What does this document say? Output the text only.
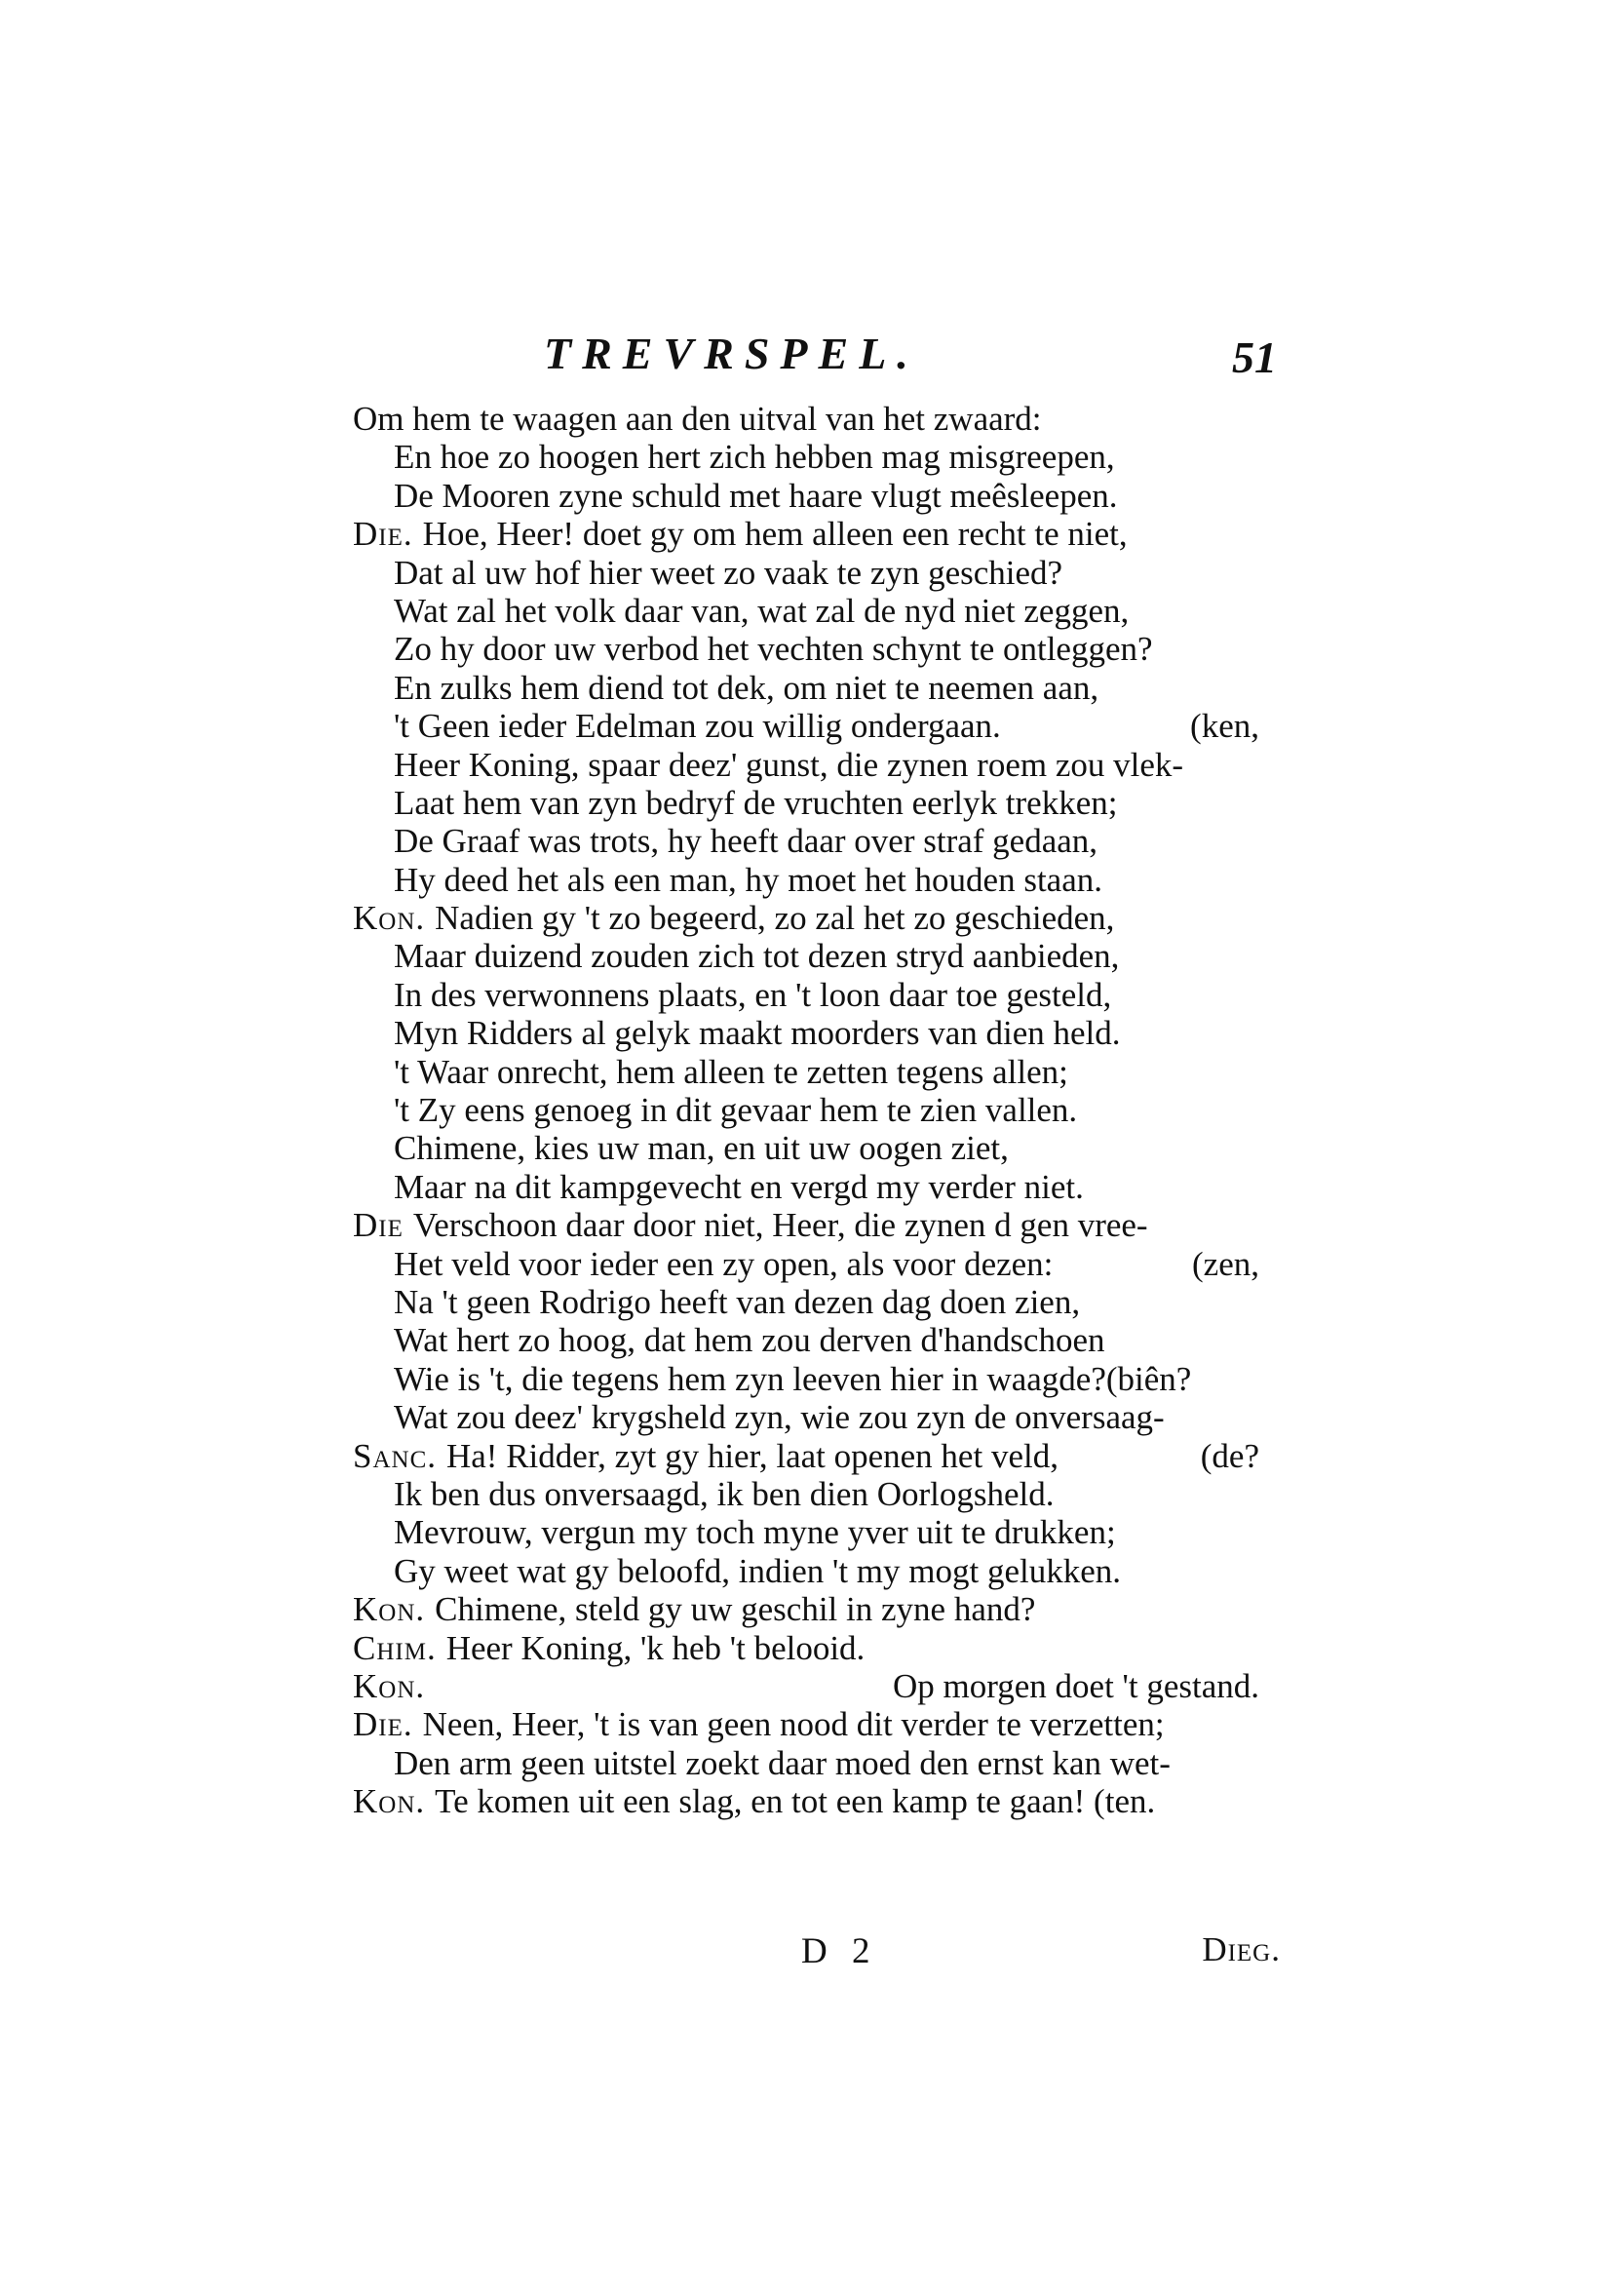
TREVRSPEL.	51
Om hem te waagen aan den uitval van het zwaard:
En hoe zo hoogen hert zich hebben mag misgreepen,
De Mooren zyne schuld met haare vlugt meêsleepen.
Die. Hoe, Heer! doet gy om hem alleen een recht te niet,
Dat al uw hof hier weet zo vaak te zyn geschied?
Wat zal het volk daar van, wat zal de nyd niet zeggen,
Zo hy door uw verbod het vechten schynt te ontleggen?
En zulks hem diend tot dek, om niet te neemen aan,
't Geen ieder Edelman zou willig ondergaan.	(ken,
Heer Koning, spaar deez' gunst, die zynen roem zou vlek-
Laat hem van zyn bedryf de vruchten eerlyk trekken;
De Graaf was trots, hy heeft daar over straf gedaan,
Hy deed het als een man, hy moet het houden staan.
Kon. Nadien gy 't zo begeerd, zo zal het zo geschieden,
Maar duizend zouden zich tot dezen stryd aanbieden,
In des verwonnens plaats, en 't loon daar toe gesteld,
Myn Ridders al gelyk maakt moorders van dien held.
't Waar onrecht, hem alleen te zetten tegens allen;
't Zy eens genoeg in dit gevaar hem te zien vallen.
Chimene, kies uw man, en uit uw oogen ziet,
Maar na dit kampgevecht en vergd my verder niet.
Die Verschoon daar door niet, Heer, die zynen d gen vree-
Het veld voor ieder een zy open, als voor dezen:	(zen,
Na 't geen Rodrigo heeft van dezen dag doen zien,
Wat hert zo hoog, dat hem zou derven d'handschoen
Wie is 't, die tegens hem zyn leeven hier in waagde?(biên?
Wat zou deez' krygsheld zyn, wie zou zyn de onversaag-
Sanc. Ha! Ridder, zyt gy hier, laat openen het veld,	(de?
Ik ben dus onversaagd, ik ben dien Oorlogsheld.
Mevrouw, vergun my toch myne yver uit te drukken;
Gy weet wat gy beloofd, indien 't my mogt gelukken.
Kon. Chimene, steld gy uw geschil in zyne hand?
Chim. Heer Koning, 'k heb 't belooid.
Kon.	Op morgen doet 't gestand.
Die. Neen, Heer, 't is van geen nood dit verder te verzetten;
Den arm geen uitstel zoekt daar moed den ernst kan wet-
Kon. Te komen uit een slag, en tot een kamp te gaan! (ten.
D 2	Dieg.
